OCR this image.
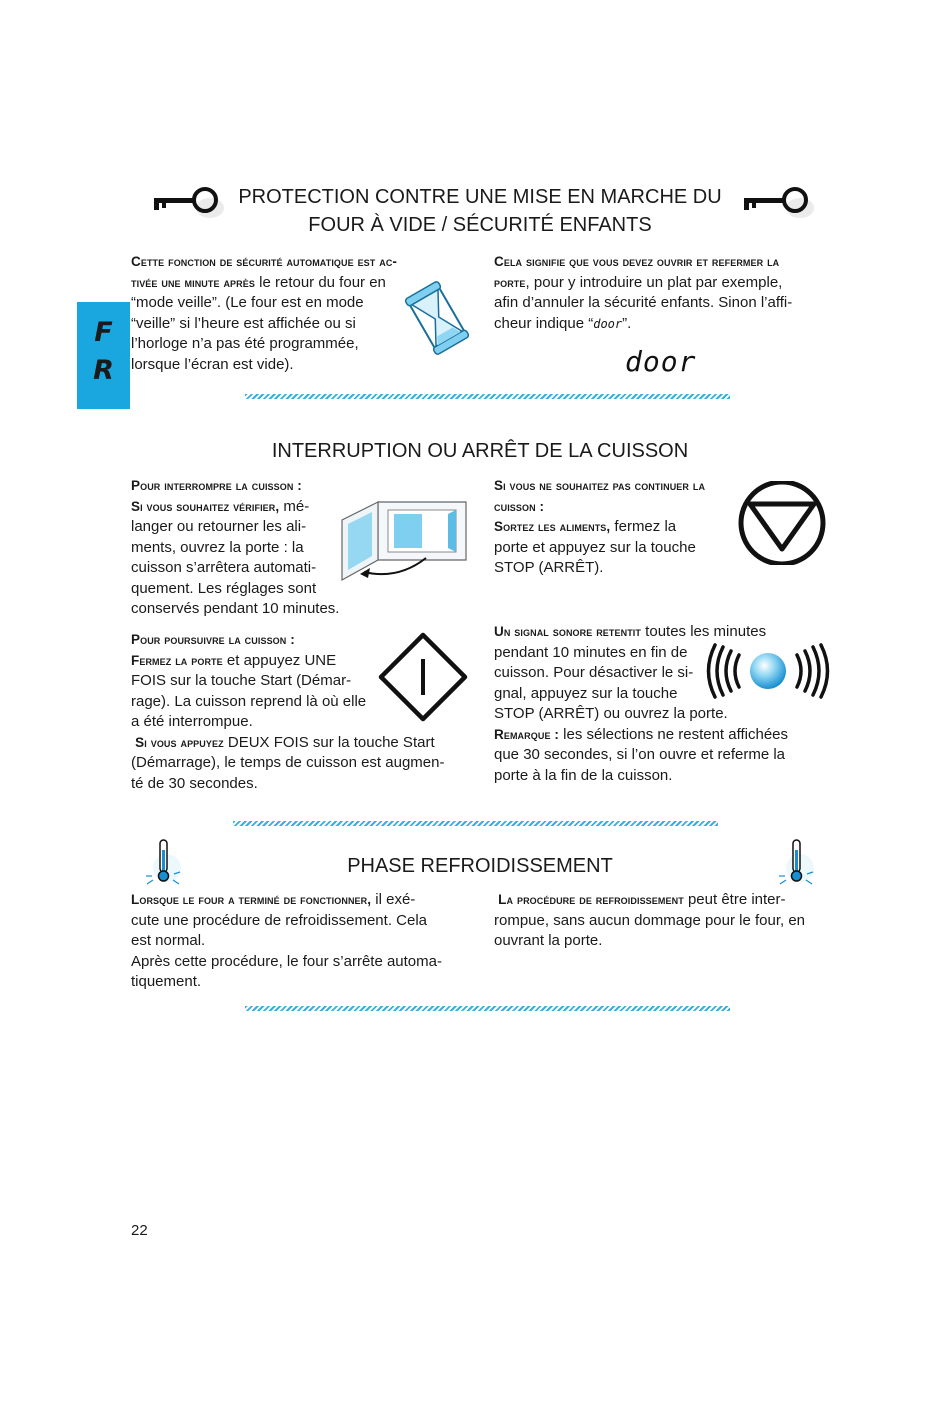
F
R
PROTECTION CONTRE UNE MISE EN MARCHE DU
FOUR À VIDE / SÉCURITÉ ENFANTS

Cette fonction de sécurité automatique est ac-

tivée une minute après le retour du four en

“mode veille”. (Le four est en mode

“veille” si l’heure est affichée ou si

l’horloge n’a pas été programmée,

lorsque l’écran est vide).

Cela signifie que vous devez ouvrir et refermer la

porte, pour y introduire un plat par exemple,

afin d’annuler la sécurité enfants. Sinon l’affi-

cheur indique “door”.

door
INTERRUPTION OU ARRÊT DE LA CUISSON

Pour interrompre la cuisson :

Si vous souhaitez vérifier, mé-

langer ou retourner les ali-

ments, ouvrez la porte : la

cuisson s’arrêtera automati-

quement. Les réglages sont

conservés pendant 10 minutes.

Pour poursuivre la cuisson :

Fermez la porte et appuyez UNE

FOIS sur la touche Start (Démar-

rage). La cuisson reprend là où elle

a été interrompue.

Si vous appuyez DEUX FOIS sur la touche Start

(Démarrage), le temps de cuisson est augmen-

té de 30 secondes.

Si vous ne souhaitez pas continuer la

cuisson :

Sortez les aliments, fermez la

porte et appuyez sur la touche

STOP (ARRÊT).

Un signal sonore retentit toutes les minutes

pendant 10 minutes en fin de

cuisson. Pour désactiver le si-

gnal, appuyez sur la touche

STOP (ARRÊT) ou ouvrez la porte.

Remarque : les sélections ne restent affichées

que 30 secondes, si l’on ouvre et referme la

porte à la fin de la cuisson.

PHASE REFROIDISSEMENT

Lorsque le four a terminé de fonctionner, il exé-

cute une procédure de refroidissement. Cela

est normal.

Après cette procédure, le four s’arrête automa-

tiquement.

La procédure de refroidissement peut être inter-

rompue, sans aucun dommage pour le four, en

ouvrant la porte.

22
